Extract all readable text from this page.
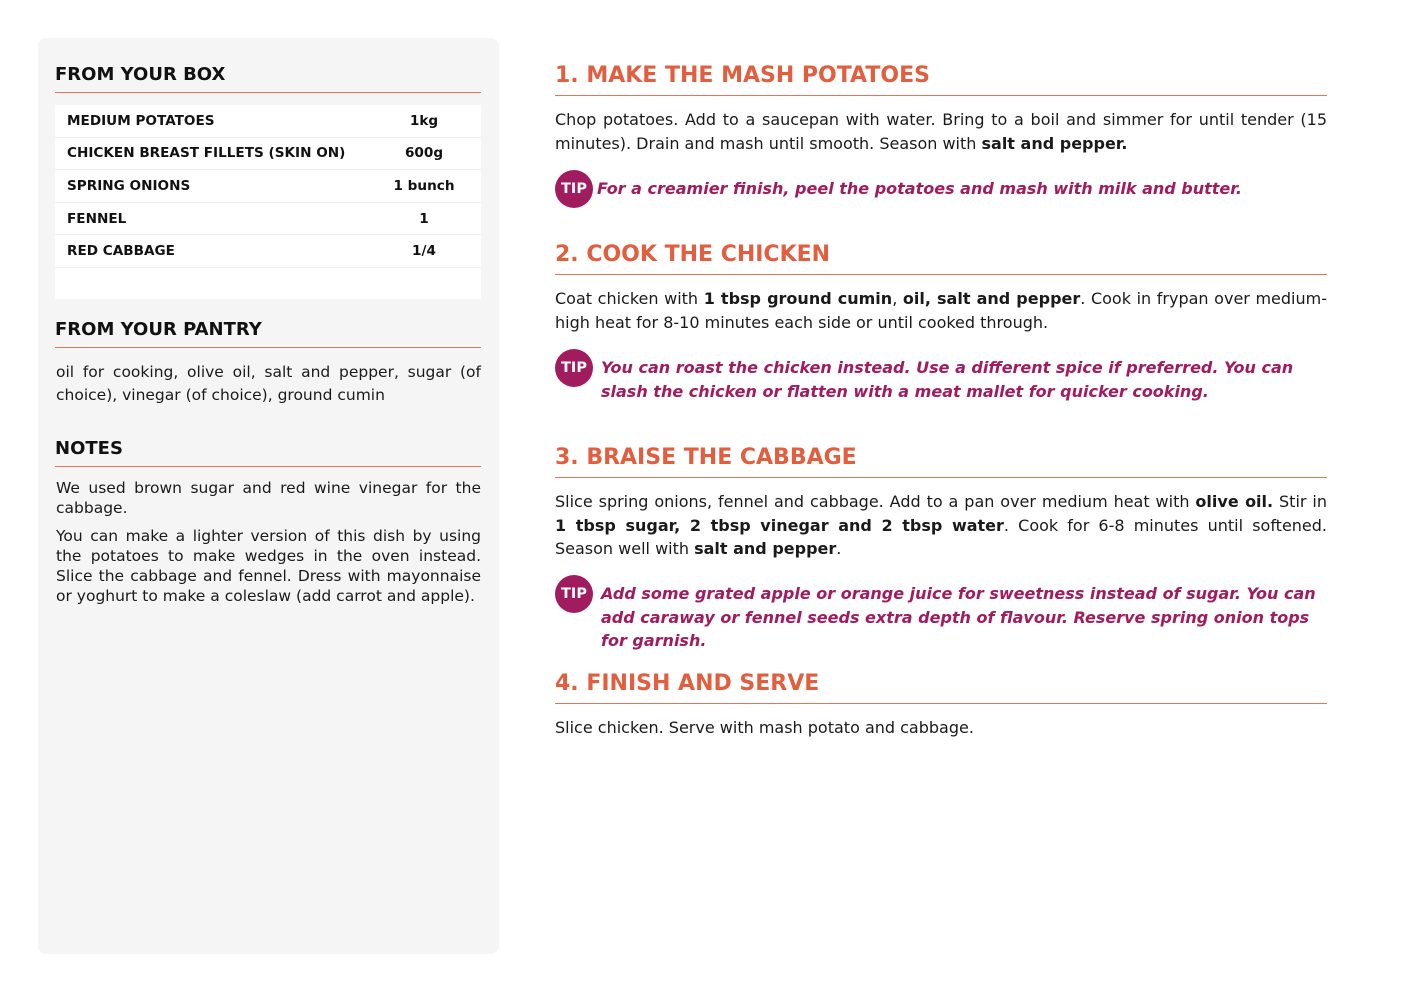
FROM YOUR BOX
MEDIUM POTATOES	1kg
CHICKEN BREAST FILLETS (SKIN ON)	600g
SPRING ONIONS	1 bunch
FENNEL	1
RED CABBAGE	1/4
FROM YOUR PANTRY
oil for cooking, olive oil, salt and pepper, sugar (of choice), vinegar (of choice), ground cumin
NOTES
We used brown sugar and red wine vinegar for the cabbage.
You can make a lighter version of this dish by using the potatoes to make wedges in the oven instead. Slice the cabbage and fennel. Dress with mayonnaise or yoghurt to make a coleslaw (add carrot and apple).
1. MAKE THE MASH POTATOES
Chop potatoes. Add to a saucepan with water. Bring to a boil and simmer for until tender (15 minutes). Drain and mash until smooth. Season with salt and pepper.
TIP For a creamier finish, peel the potatoes and mash with milk and butter.
2. COOK THE CHICKEN
Coat chicken with 1 tbsp ground cumin, oil, salt and pepper. Cook in frypan over medium-high heat for 8-10 minutes each side or until cooked through.
TIP You can roast the chicken instead. Use a different spice if preferred. You can slash the chicken or flatten with a meat mallet for quicker cooking.
3. BRAISE THE CABBAGE
Slice spring onions, fennel and cabbage. Add to a pan over medium heat with olive oil. Stir in 1 tbsp sugar, 2 tbsp vinegar and 2 tbsp water. Cook for 6-8 minutes until softened. Season well with salt and pepper.
TIP Add some grated apple or orange juice for sweetness instead of sugar. You can add caraway or fennel seeds extra depth of flavour. Reserve spring onion tops for garnish.
4. FINISH AND SERVE
Slice chicken. Serve with mash potato and cabbage.
